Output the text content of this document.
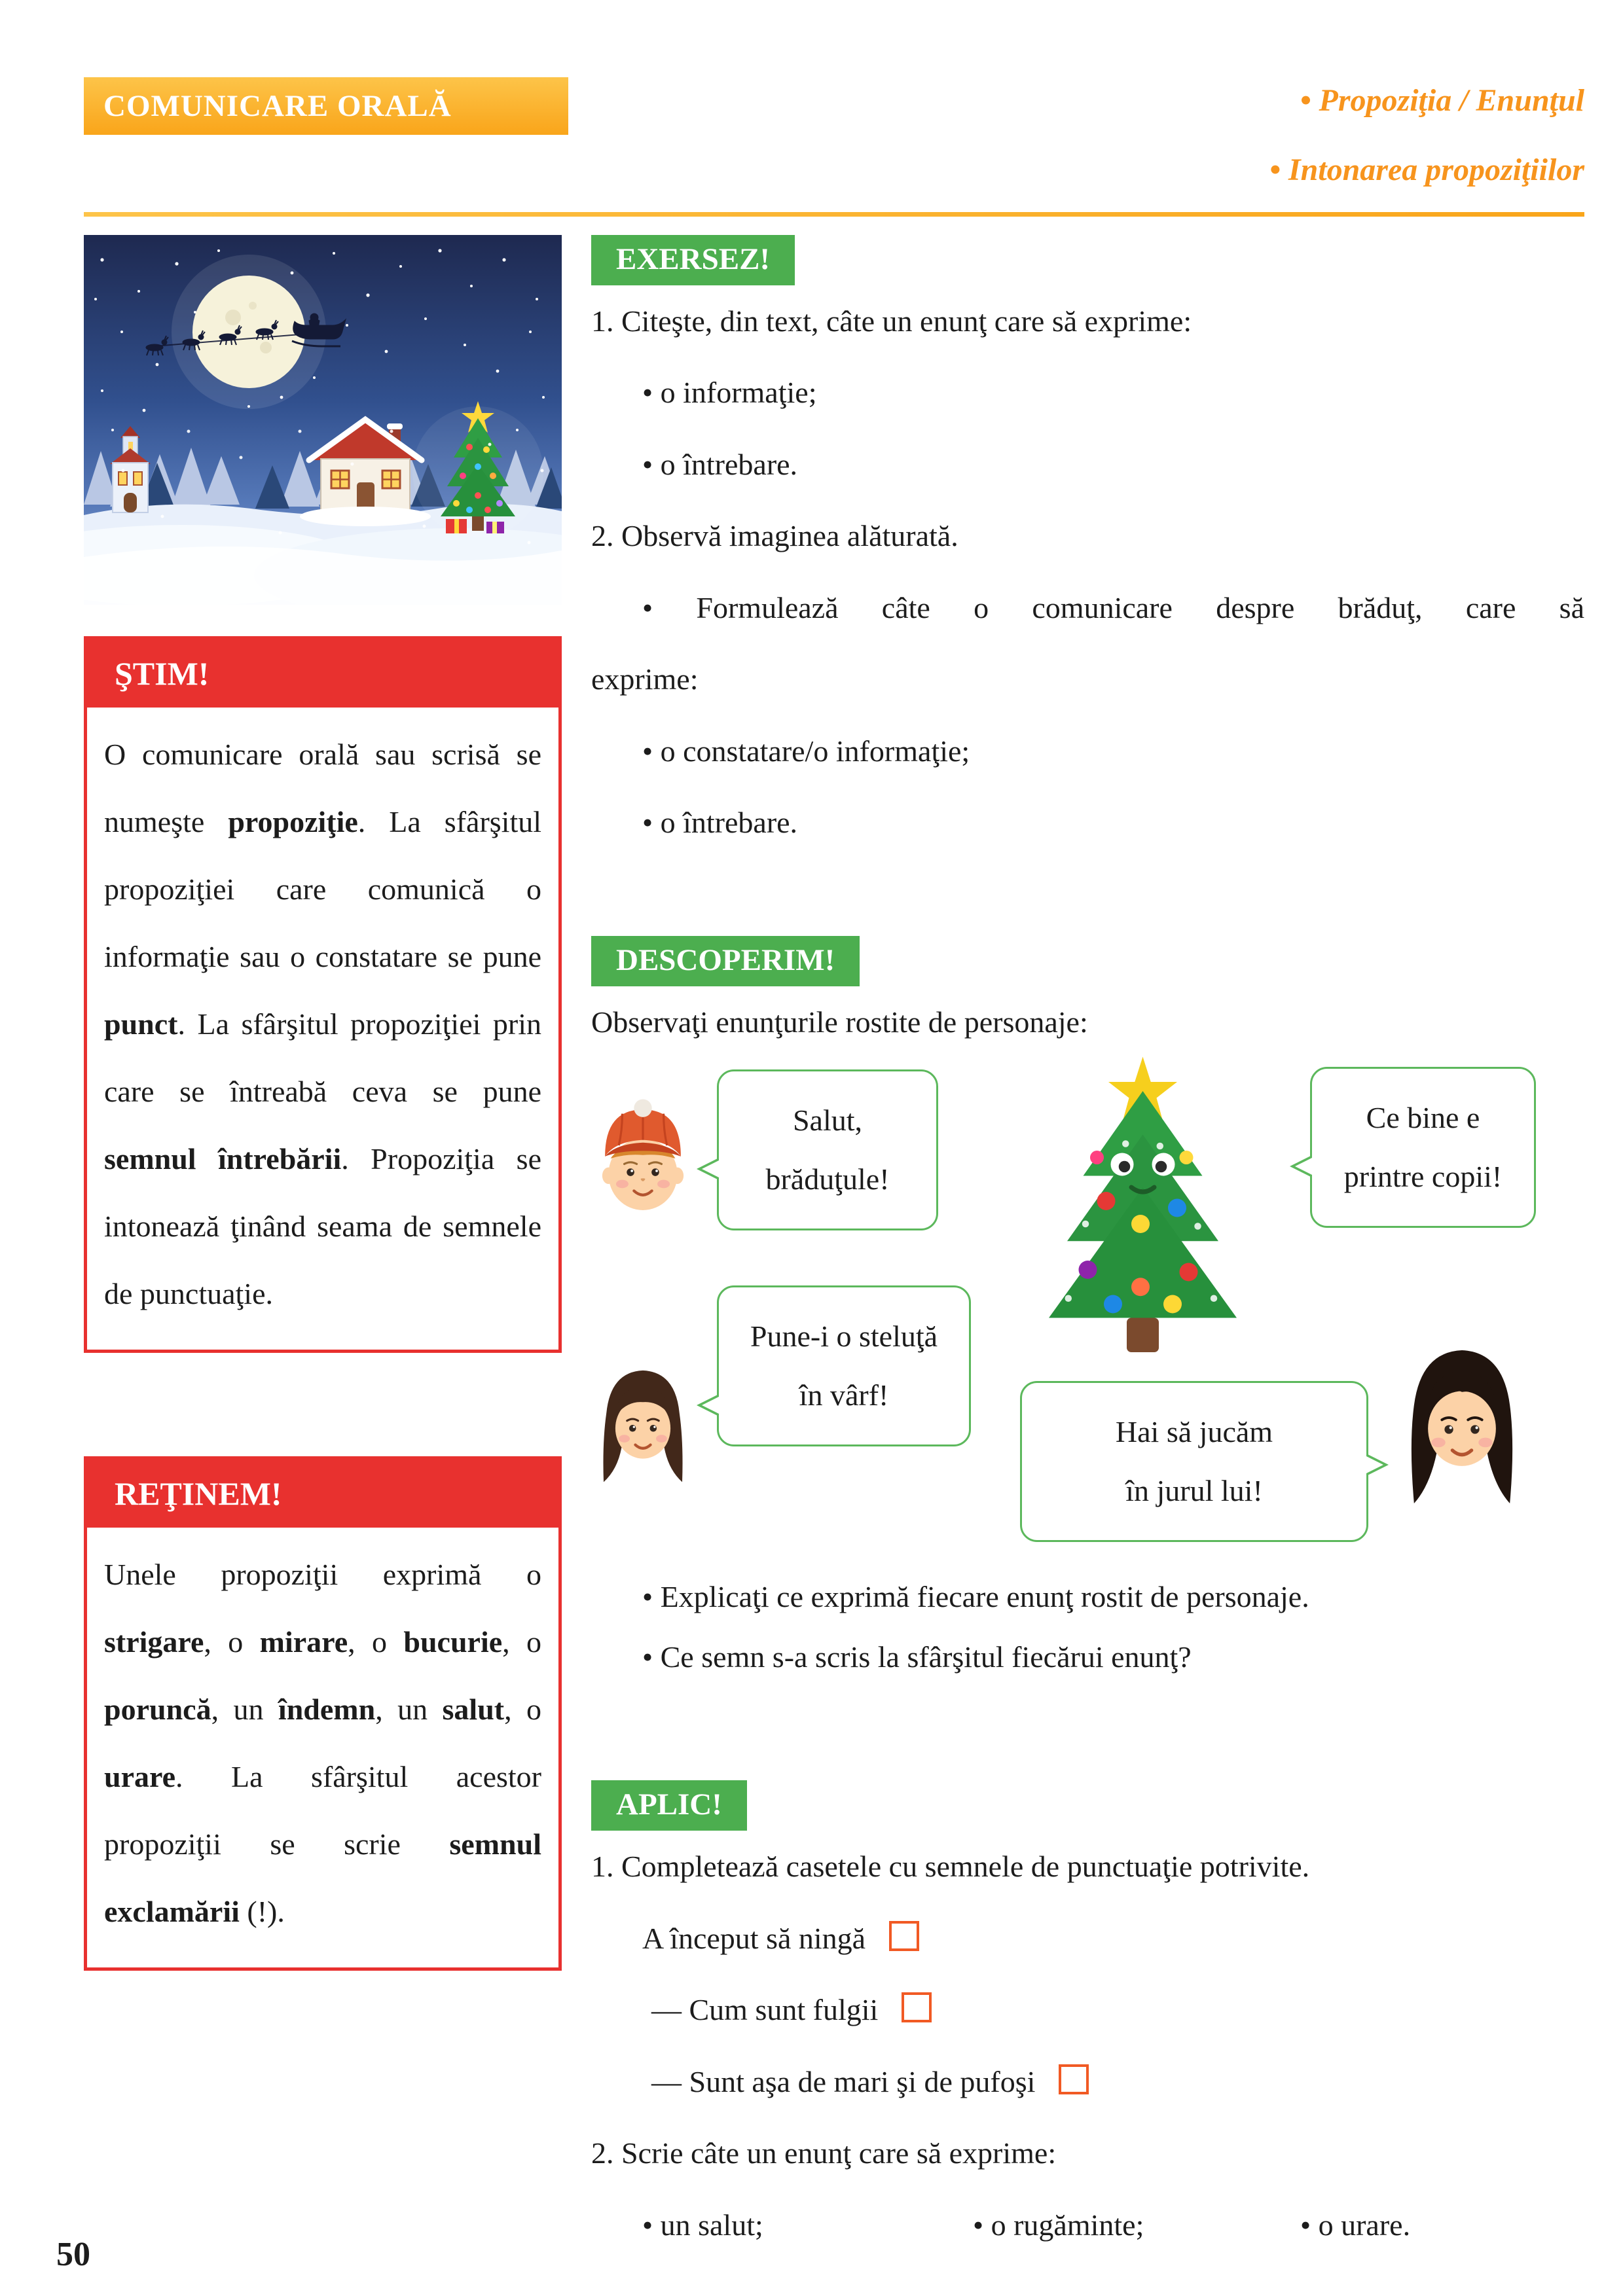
COMUNICARE ORALĂ	• Propoziţia / Enunţul
• Intonarea propoziţiilor
ŞTIM!
O comunicare orală sau scrisă se numeşte propoziţie. La sfârşitul propoziţiei care comunică o informaţie sau o constatare se pune punct. La sfârşitul propoziţiei prin care se întreabă ceva se pune semnul întrebării. Propoziţia se intonează ţinând seama de semnele de punctuaţie.
REŢINEM!
Unele propoziţii exprimă o strigare, o mirare, o bucurie, o poruncă, un îndemn, un salut, o urare. La sfârşitul acestor propoziţii se scrie semnul exclamării (!).
EXERSEZ!

1. Citeşte, din text, câte un enunţ care să exprime:

• o informaţie;

• o întrebare.

2. Observă imaginea alăturată.

• Formulează câte o comunicare despre brăduţ, care să

exprime:

• o constatare/o informaţie;

• o întrebare.

DESCOPERIM!

Observaţi enunţurile rostite de personaje:

Salut,
brăduţule!
Ce bine e
printre copii!
Pune-i o steluţă
în vârf!
Hai să jucăm
în jurul lui!

• Explicaţi ce exprimă fiecare enunţ rostit de personaje.

• Ce semn s-a scris la sfârşitul fiecărui enunţ?

APLIC!

1. Completează casetele cu semnele de punctuaţie potrivite.

A început să ningă

— Cum sunt fulgii

— Sunt aşa de mari şi de pufoşi

2. Scrie câte un enunţ care să exprime:

• un salut;	• o rugăminte;	• o urare.
50
